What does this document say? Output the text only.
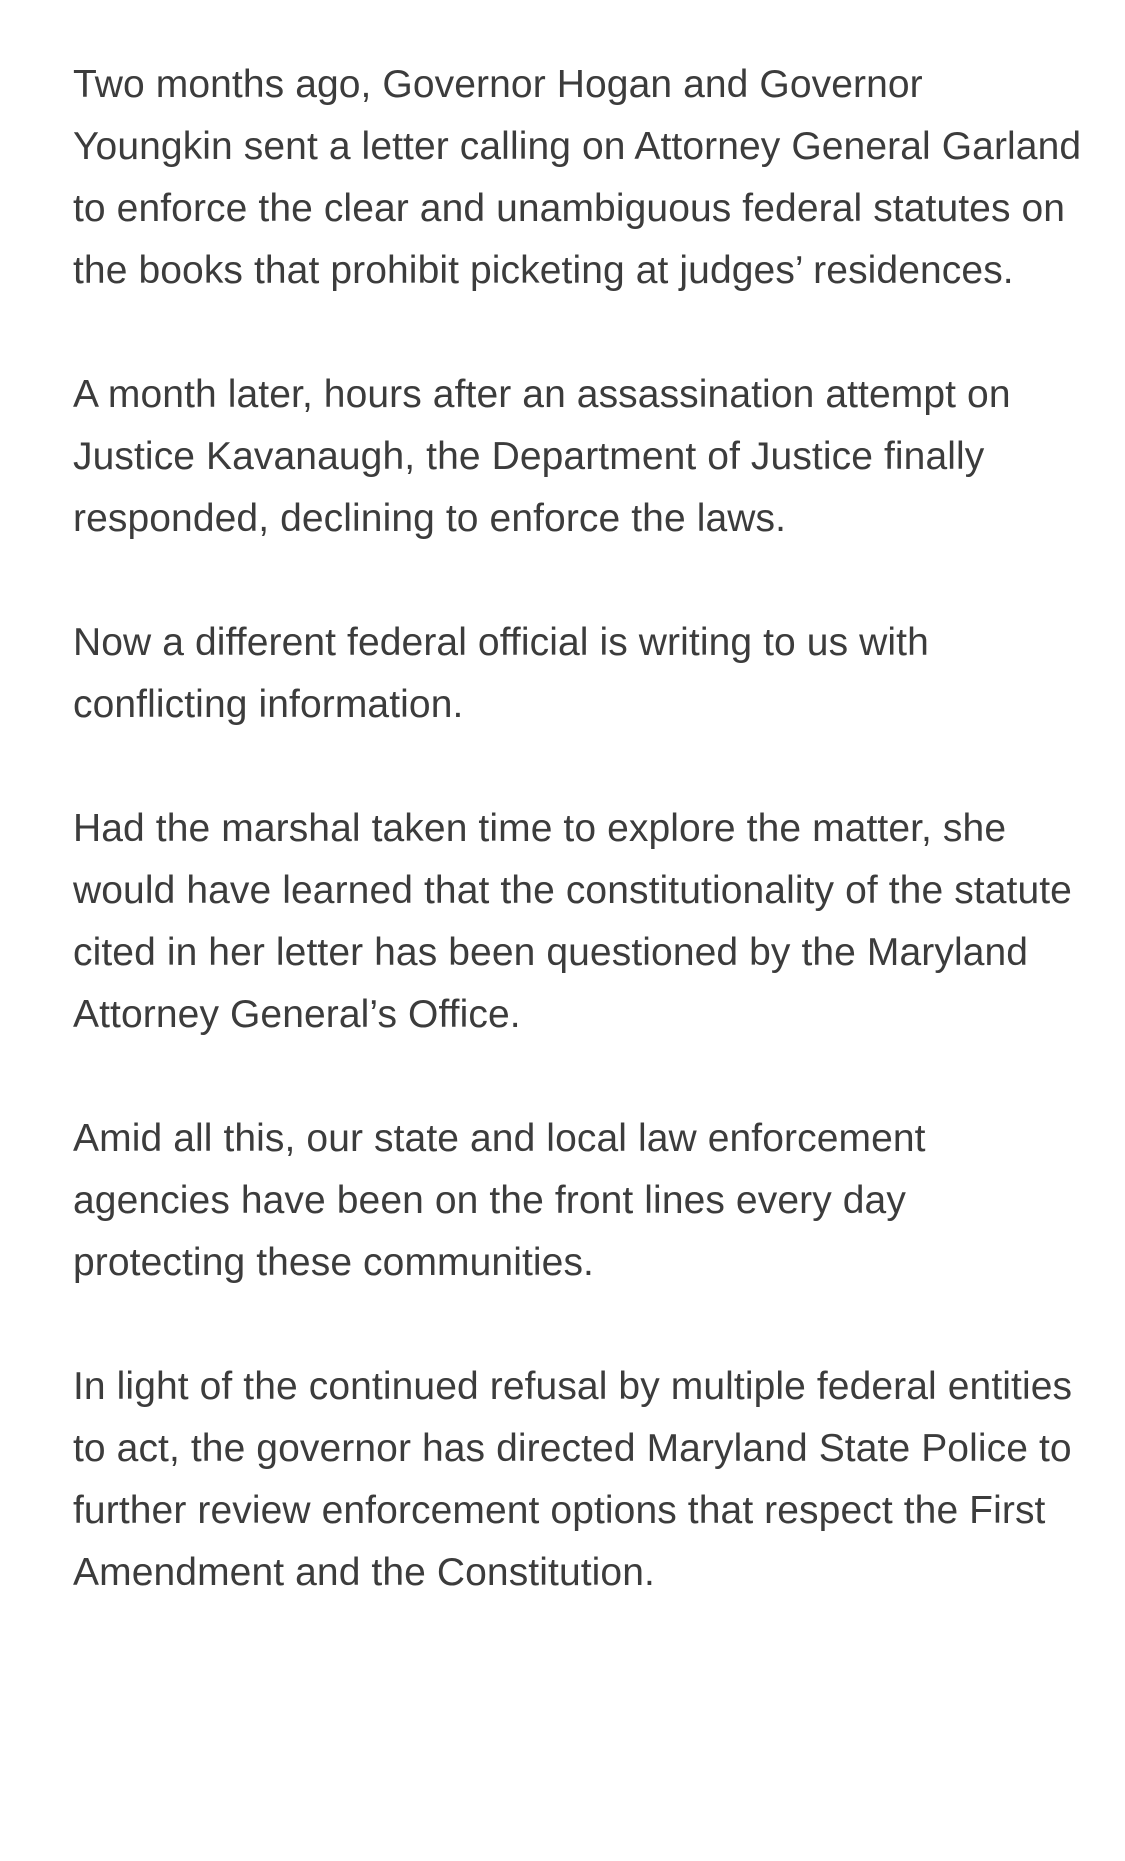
Two months ago, Governor Hogan and Governor Youngkin sent a letter calling on Attorney General Garland to enforce the clear and unambiguous federal statutes on the books that prohibit picketing at judges’ residences.

A month later, hours after an assassination attempt on Justice Kavanaugh, the Department of Justice finally responded, declining to enforce the laws.

Now a different federal official is writing to us with conflicting information.

Had the marshal taken time to explore the matter, she would have learned that the constitutionality of the statute cited in her letter has been questioned by the Maryland Attorney General’s Office.

Amid all this, our state and local law enforcement agencies have been on the front lines every day protecting these communities.

In light of the continued refusal by multiple federal entities to act, the governor has directed Maryland State Police to further review enforcement options that respect the First Amendment and the Constitution.
